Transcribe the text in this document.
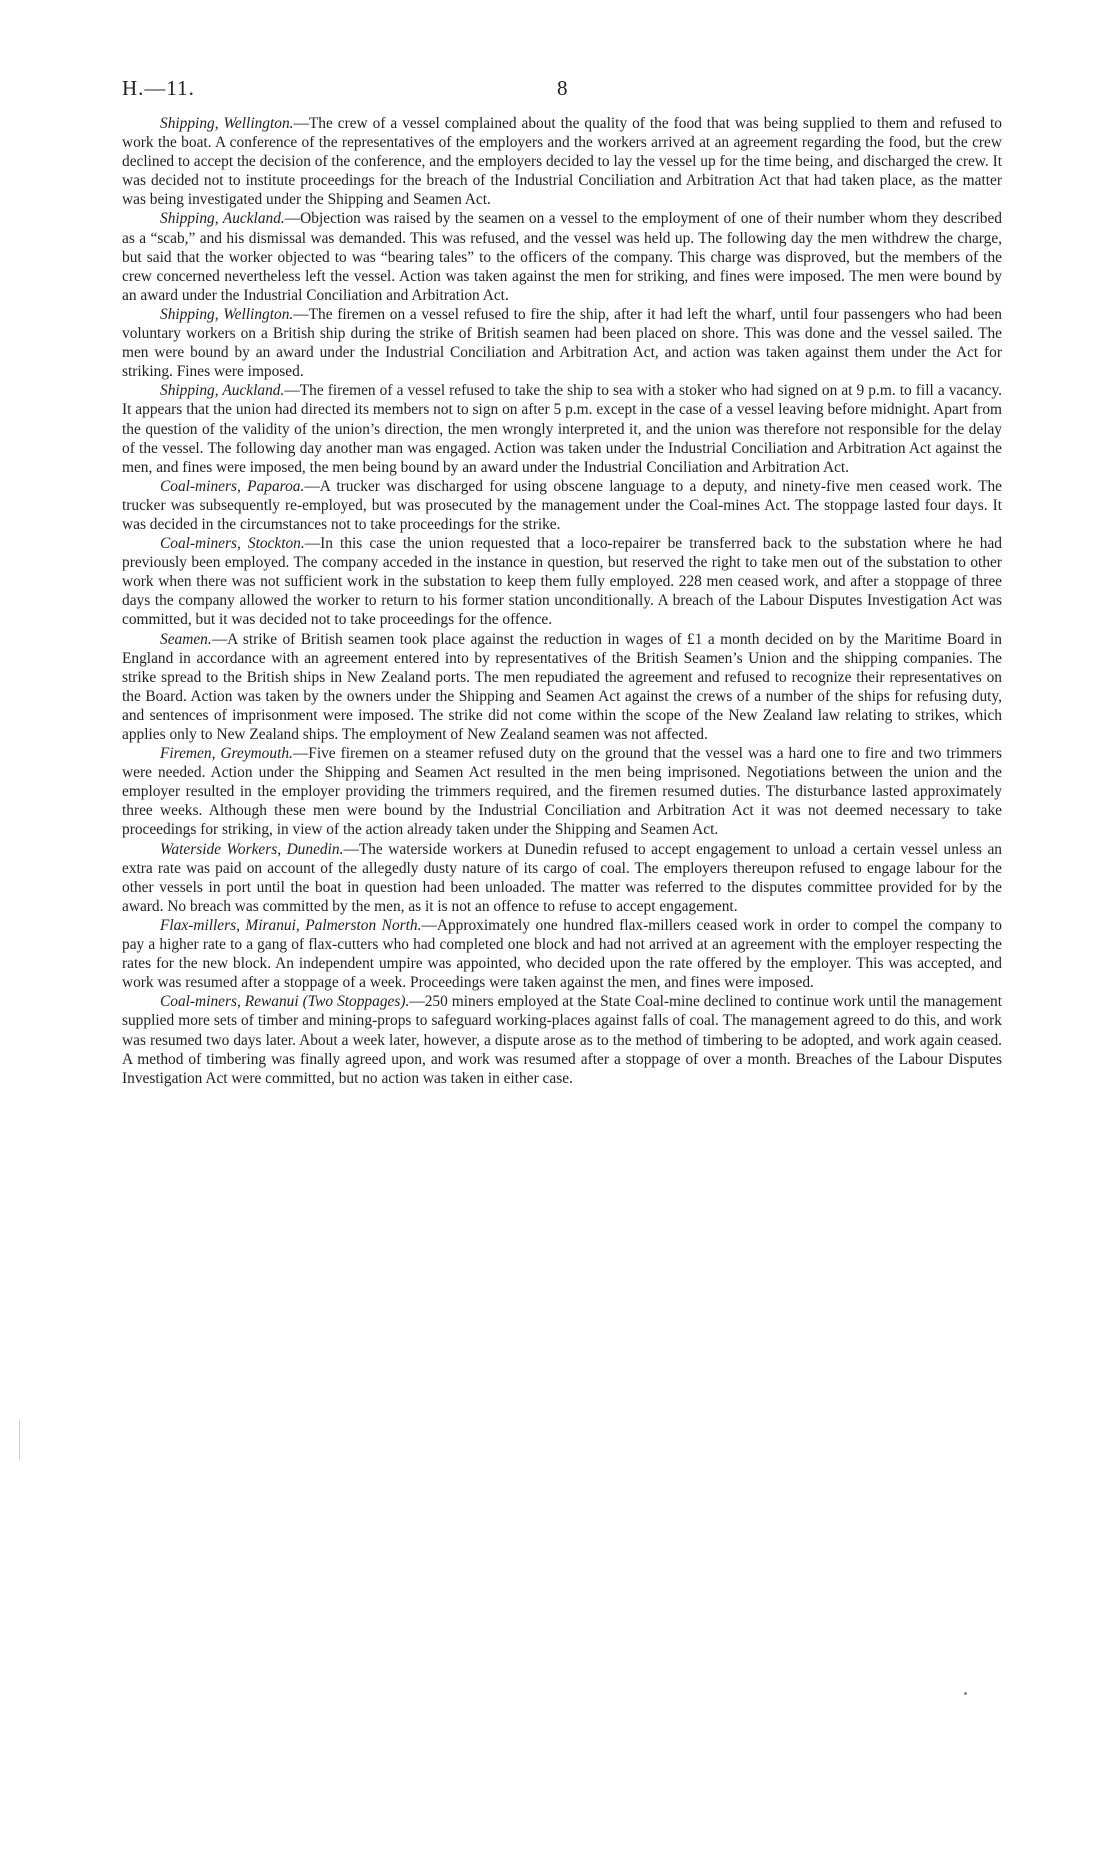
H.—11.	8

Shipping, Wellington.—The crew of a vessel complained about the quality of the food that was being supplied to them and refused to work the boat. A conference of the representatives of the employers and the workers arrived at an agreement regarding the food, but the crew declined to accept the decision of the conference, and the employers decided to lay the vessel up for the time being, and discharged the crew. It was decided not to institute proceedings for the breach of the Industrial Conciliation and Arbitration Act that had taken place, as the matter was being investigated under the Shipping and Seamen Act.

Shipping, Auckland.—Objection was raised by the seamen on a vessel to the employment of one of their number whom they described as a “scab,” and his dismissal was demanded. This was refused, and the vessel was held up. The following day the men withdrew the charge, but said that the worker objected to was “bearing tales” to the officers of the company. This charge was disproved, but the members of the crew concerned nevertheless left the vessel. Action was taken against the men for striking, and fines were imposed. The men were bound by an award under the Industrial Conciliation and Arbitration Act.

Shipping, Wellington.—The firemen on a vessel refused to fire the ship, after it had left the wharf, until four passengers who had been voluntary workers on a British ship during the strike of British seamen had been placed on shore. This was done and the vessel sailed. The men were bound by an award under the Industrial Conciliation and Arbitration Act, and action was taken against them under the Act for striking. Fines were imposed.

Shipping, Auckland.—The firemen of a vessel refused to take the ship to sea with a stoker who had signed on at 9 p.m. to fill a vacancy. It appears that the union had directed its members not to sign on after 5 p.m. except in the case of a vessel leaving before midnight. Apart from the question of the validity of the union’s direction, the men wrongly interpreted it, and the union was therefore not responsible for the delay of the vessel. The following day another man was engaged. Action was taken under the Industrial Conciliation and Arbitration Act against the men, and fines were imposed, the men being bound by an award under the Industrial Conciliation and Arbitration Act.

Coal-miners, Paparoa.—A trucker was discharged for using obscene language to a deputy, and ninety-five men ceased work. The trucker was subsequently re-employed, but was prosecuted by the management under the Coal-mines Act. The stoppage lasted four days. It was decided in the circumstances not to take proceedings for the strike.

Coal-miners, Stockton.—In this case the union requested that a loco-repairer be transferred back to the substation where he had previously been employed. The company acceded in the instance in question, but reserved the right to take men out of the substation to other work when there was not sufficient work in the substation to keep them fully employed. 228 men ceased work, and after a stoppage of three days the company allowed the worker to return to his former station unconditionally. A breach of the Labour Disputes Investigation Act was committed, but it was decided not to take proceedings for the offence.

Seamen.—A strike of British seamen took place against the reduction in wages of £1 a month decided on by the Maritime Board in England in accordance with an agreement entered into by representatives of the British Seamen’s Union and the shipping companies. The strike spread to the British ships in New Zealand ports. The men repudiated the agreement and refused to recognize their representatives on the Board. Action was taken by the owners under the Shipping and Seamen Act against the crews of a number of the ships for refusing duty, and sentences of imprisonment were imposed. The strike did not come within the scope of the New Zealand law relating to strikes, which applies only to New Zealand ships. The employment of New Zealand seamen was not affected.

Firemen, Greymouth.—Five firemen on a steamer refused duty on the ground that the vessel was a hard one to fire and two trimmers were needed. Action under the Shipping and Seamen Act resulted in the men being imprisoned. Negotiations between the union and the employer resulted in the employer providing the trimmers required, and the firemen resumed duties. The disturbance lasted approximately three weeks. Although these men were bound by the Industrial Conciliation and Arbitration Act it was not deemed necessary to take proceedings for striking, in view of the action already taken under the Shipping and Seamen Act.

Waterside Workers, Dunedin.—The waterside workers at Dunedin refused to accept engagement to unload a certain vessel unless an extra rate was paid on account of the allegedly dusty nature of its cargo of coal. The employers thereupon refused to engage labour for the other vessels in port until the boat in question had been unloaded. The matter was referred to the disputes committee provided for by the award. No breach was committed by the men, as it is not an offence to refuse to accept engagement.

Flax-millers, Miranui, Palmerston North.—Approximately one hundred flax-millers ceased work in order to compel the company to pay a higher rate to a gang of flax-cutters who had completed one block and had not arrived at an agreement with the employer respecting the rates for the new block. An independent umpire was appointed, who decided upon the rate offered by the employer. This was accepted, and work was resumed after a stoppage of a week. Proceedings were taken against the men, and fines were imposed.

Coal-miners, Rewanui (Two Stoppages).—250 miners employed at the State Coal-mine declined to continue work until the management supplied more sets of timber and mining-props to safeguard working-places against falls of coal. The management agreed to do this, and work was resumed two days later. About a week later, however, a dispute arose as to the method of timbering to be adopted, and work again ceased. A method of timbering was finally agreed upon, and work was resumed after a stoppage of over a month. Breaches of the Labour Disputes Investigation Act were committed, but no action was taken in either case.
